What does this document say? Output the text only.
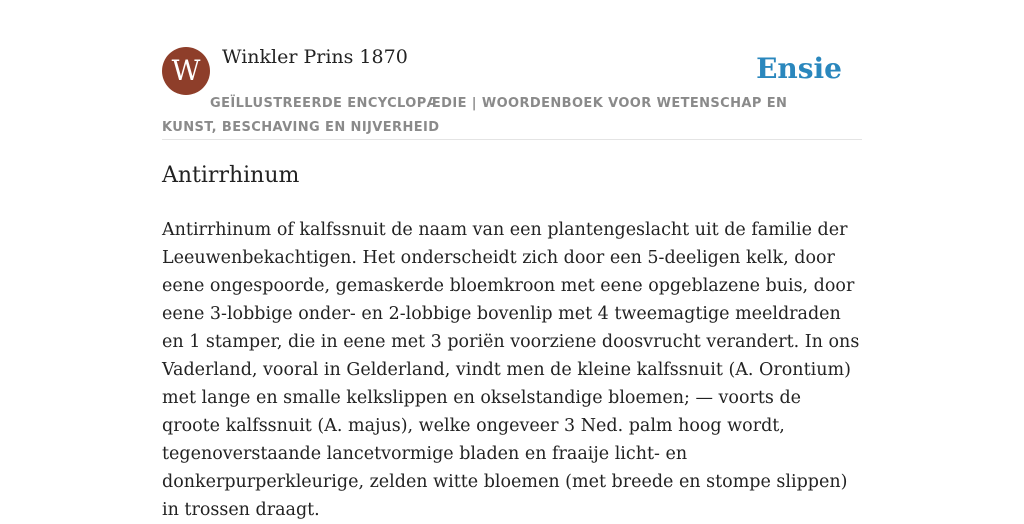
W	Winkler Prins 1870	Ensie

GEÏLLUSTREERDE ENCYCLOPÆDIE | WOORDENBOEK VOOR WETENSCHAP EN KUNST, BESCHAVING EN NIJVERHEID

Antirrhinum

Antirrhinum of kalfssnuit de naam van een plantengeslacht uit de familie der Leeuwenbekachtigen. Het onderscheidt zich door een 5-deeligen kelk, door eene ongespoorde, gemaskerde bloemkroon met eene opgeblazene buis, door eene 3-lobbige onder- en 2-lobbige bovenlip met 4 tweemagtige meeldraden en 1 stamper, die in eene met 3 poriën voorziene doosvrucht verandert. In ons Vaderland, vooral in Gelderland, vindt men de kleine kalfssnuit (A. Orontium) met lange en smalle kelkslippen en okselstandige bloemen; — voorts de qroote kalfssnuit (A. majus), welke ongeveer 3 Ned. palm hoog wordt, tegenoverstaande lancetvormige bladen en fraaije licht- en donkerpurperkleurige, zelden witte bloemen (met breede en stompe slippen) in trossen draagt.
